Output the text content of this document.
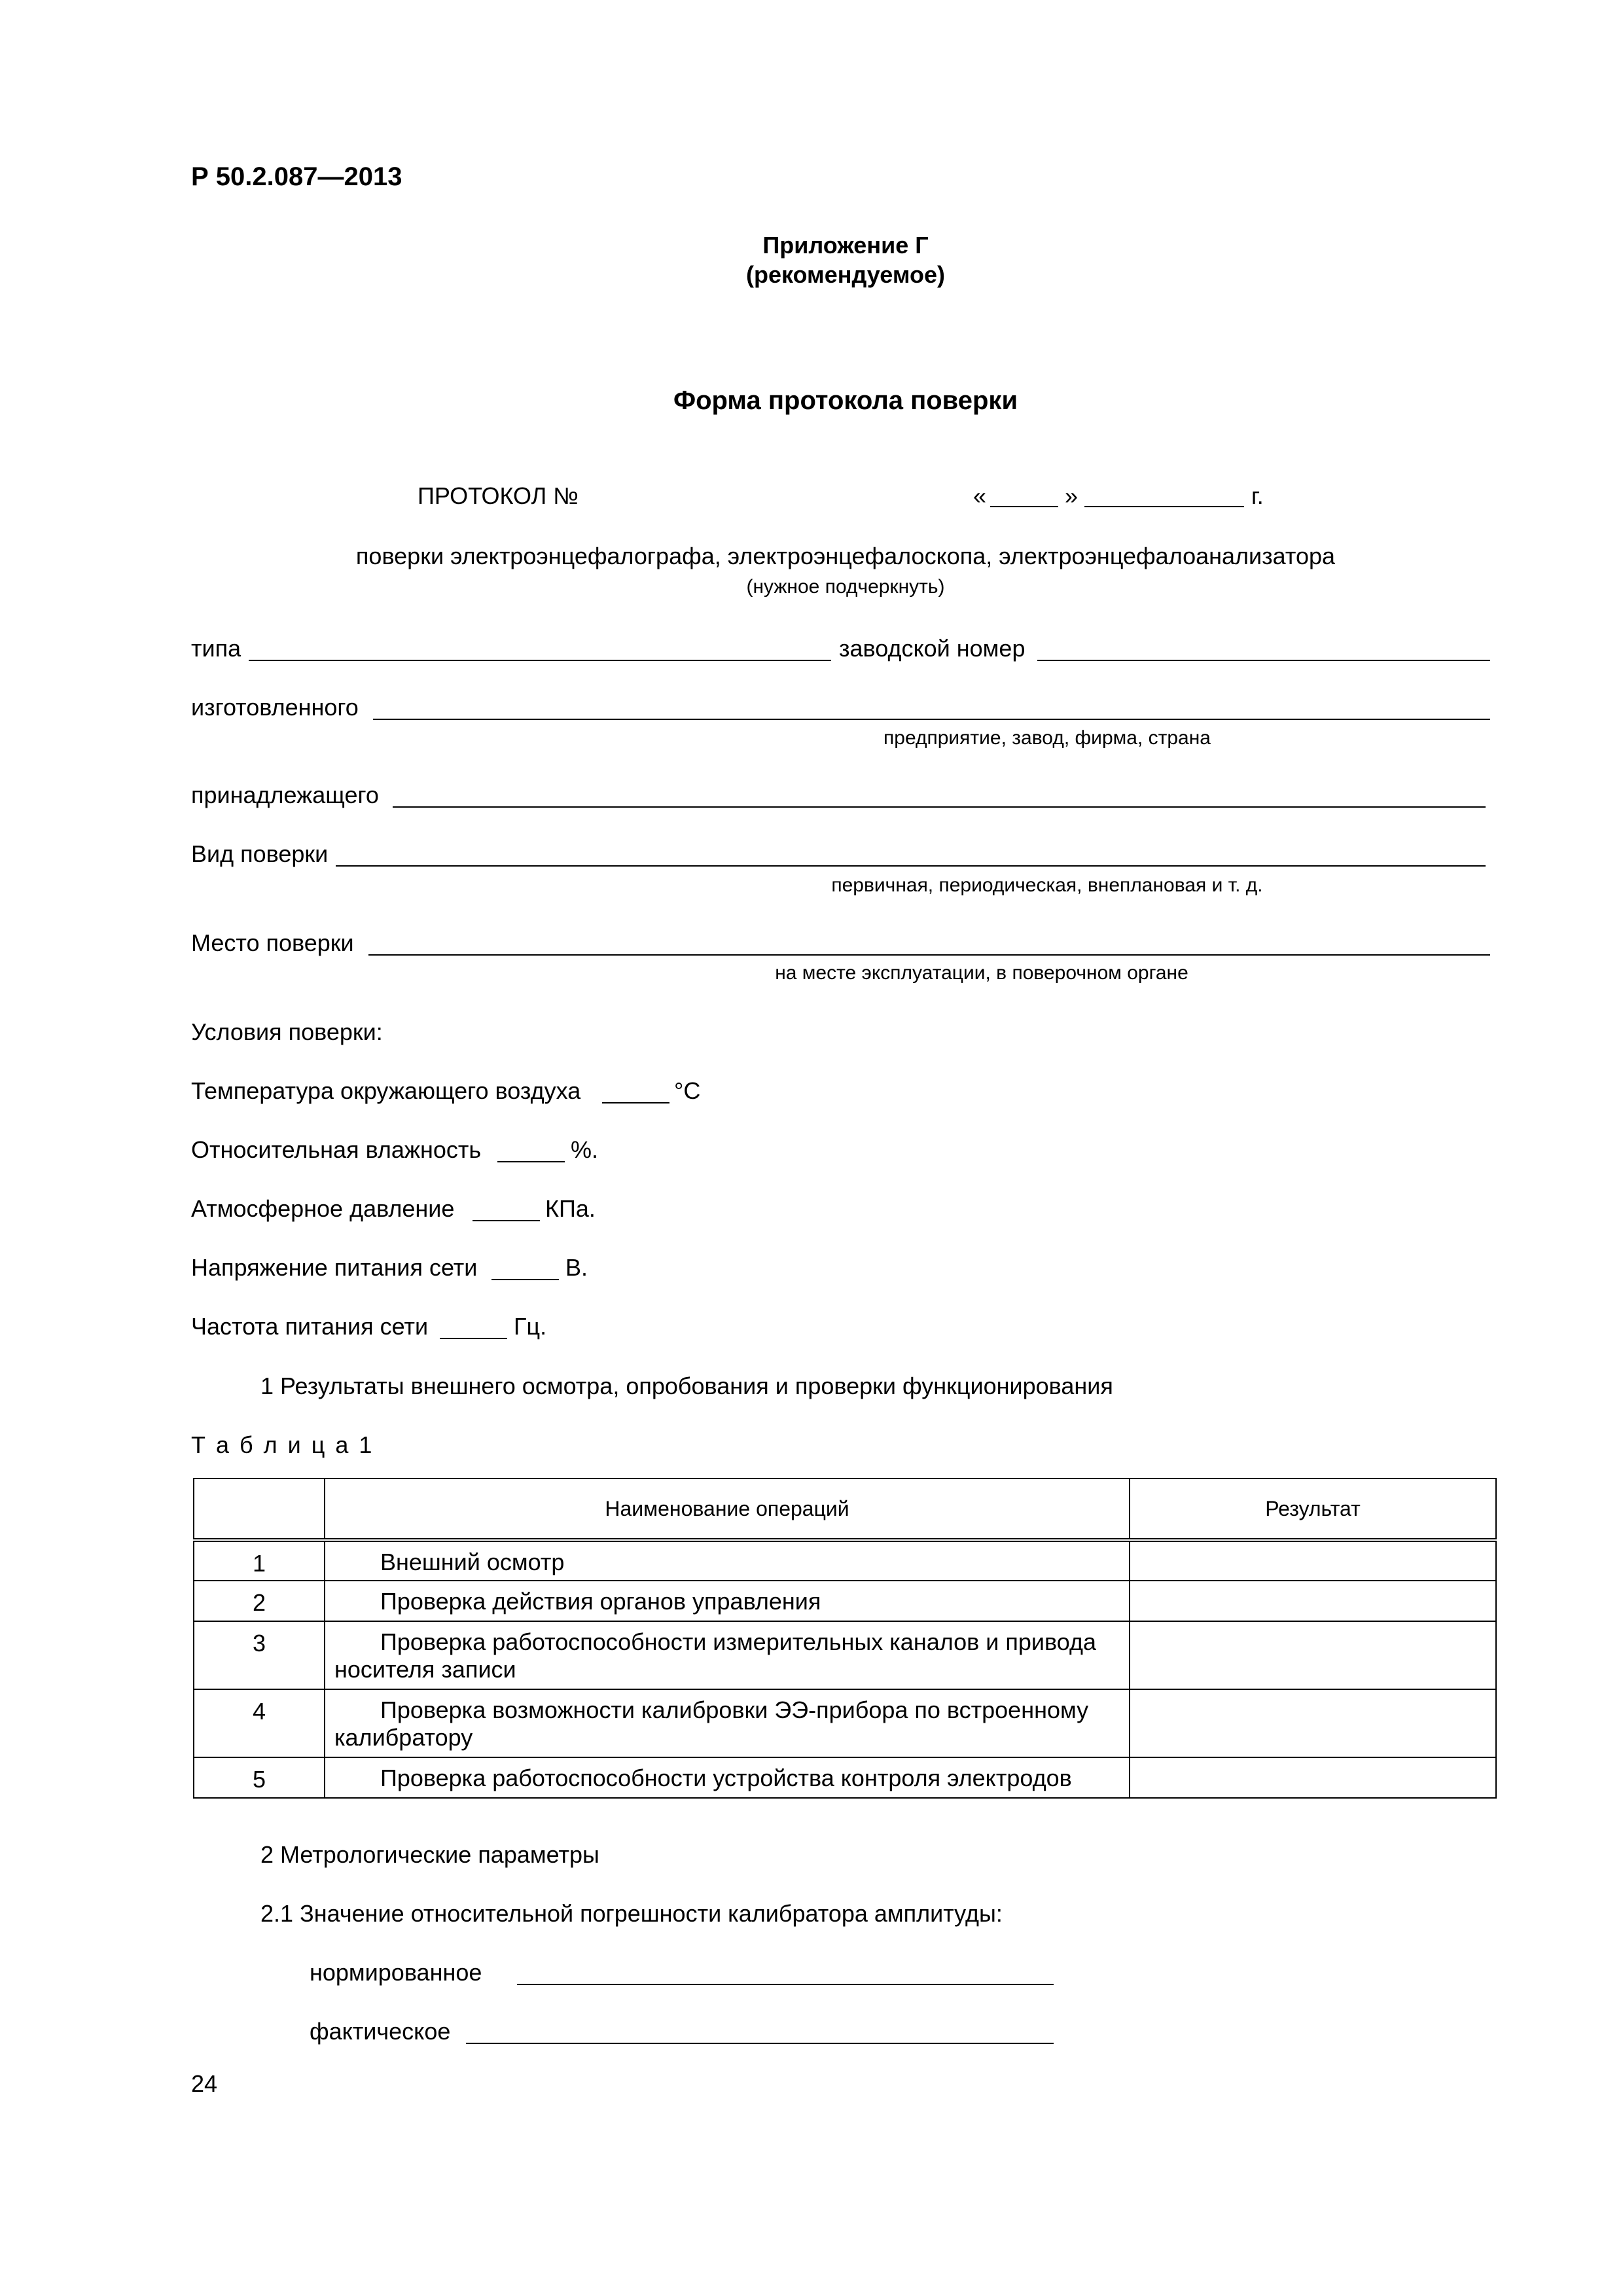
Р 50.2.087—2013
Приложение Г
(рекомендуемое)
Форма протокола поверки
ПРОТОКОЛ №	«	»	г.
поверки электроэнцефалографа, электроэнцефалоскопа, электроэнцефалоанализатора
(нужное подчеркнуть)
типа	заводской номер
изготовленного
предприятие, завод, фирма, страна
принадлежащего
Вид поверки
первичная, периодическая, внеплановая и т. д.
Место поверки
на месте эксплуатации, в поверочном органе
Условия поверки:
Температура окружающего воздуха	°C
Относительная влажность	%.
Атмосферное давление	КПа.
Напряжение питания сети	В.
Частота питания сети	Гц.
1 Результаты внешнего осмотра, опробования и проверки функционирования
Т а б л и ц а 1
	Наименование операций	Результат
1	Внешний осмотр	
2	Проверка действия органов управления	
3	Проверка работоспособности измерительных каналов и привода
носителя записи	
4	Проверка возможности калибровки ЭЭ-прибора по встроенному
калибратору	
5	Проверка работоспособности устройства контроля электродов	
2 Метрологические параметры
2.1 Значение относительной погрешности калибратора амплитуды:
нормированное
фактическое
24
